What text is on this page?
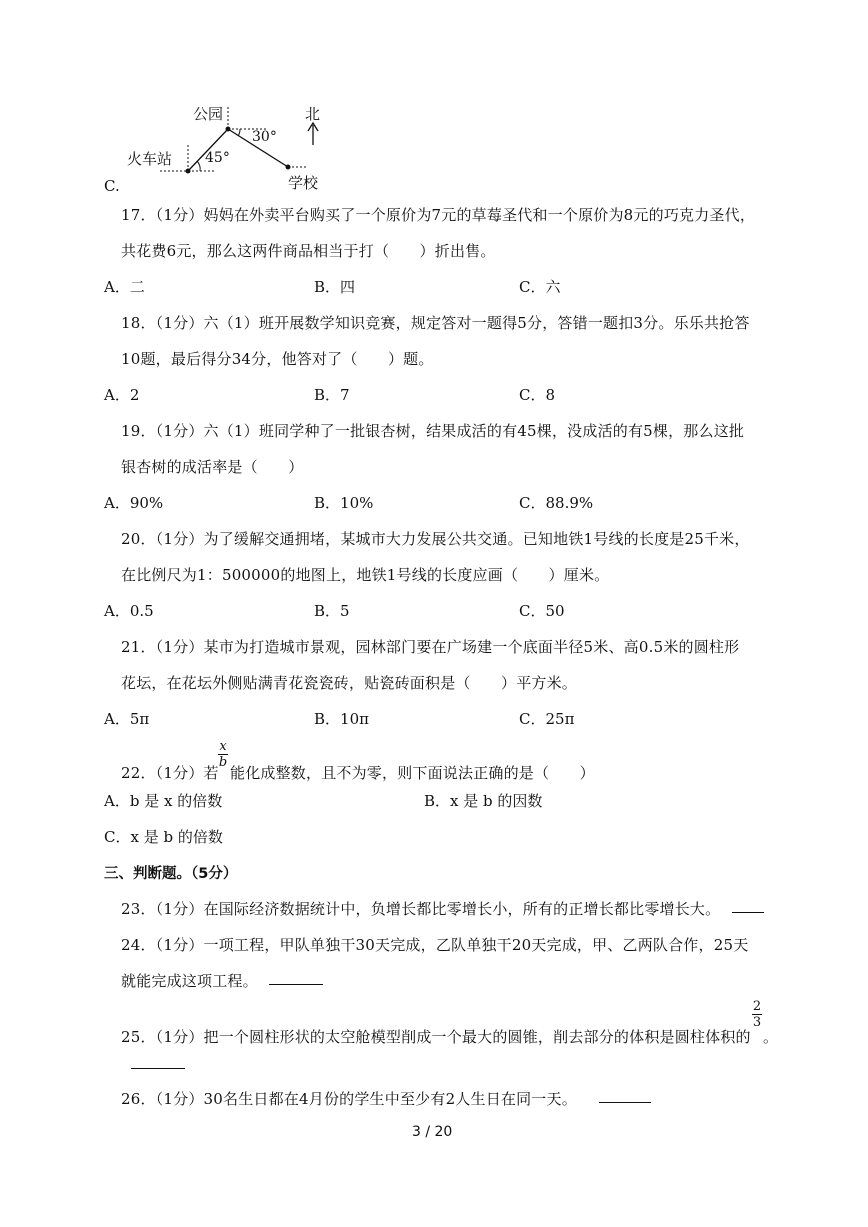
公园	北
30°
火车站 45°
学校
C.
17．（1分）妈妈在外卖平台购买了一个原价为7元的草莓圣代和一个原价为8元的巧克力圣代，
共花费6元，那么这两件商品相当于打（　　）折出售。
A．二	B．四	C．六
18．（1分）六（1）班开展数学知识竞赛，规定答对一题得5分，答错一题扣3分。乐乐共抢答
10题，最后得分34分，他答对了（　　）题。
A．2	B．7	C．8
19．（1分）六（1）班同学种了一批银杏树，结果成活的有45棵，没成活的有5棵，那么这批
银杏树的成活率是（　　）
A．90%	B．10%	C．88.9%
20．（1分）为了缓解交通拥堵，某城市大力发展公共交通。已知地铁1号线的长度是25千米，
在比例尺为1：500000的地图上，地铁1号线的长度应画（　　）厘米。
A．0.5	B．5	C．50
21．（1分）某市为打造城市景观，园林部门要在广场建一个底面半径5米、高0.5米的圆柱形
花坛，在花坛外侧贴满青花瓷瓷砖，贴瓷砖面积是（　　）平方米。
A．5π	B．10π	C．25π
22．（1分）若
x
b
能化成整数，且不为零，则下面说法正确的是（　　）
A．b 是 x 的倍数	B．x 是 b 的因数
C．x 是 b 的倍数
三、判断题。（5分）
23．（1分）在国际经济数据统计中，负增长都比零增长小，所有的正增长都比零增长大。
24．（1分）一项工程，甲队单独干30天完成，乙队单独干20天完成，甲、乙两队合作，25天
就能完成这项工程。
25．（1分）把一个圆柱形状的太空舱模型削成一个最大的圆锥，削去部分的体积是圆柱体积的
2
3
。
26．（1分）30名生日都在4月份的学生中至少有2人生日在同一天。
3 / 20
